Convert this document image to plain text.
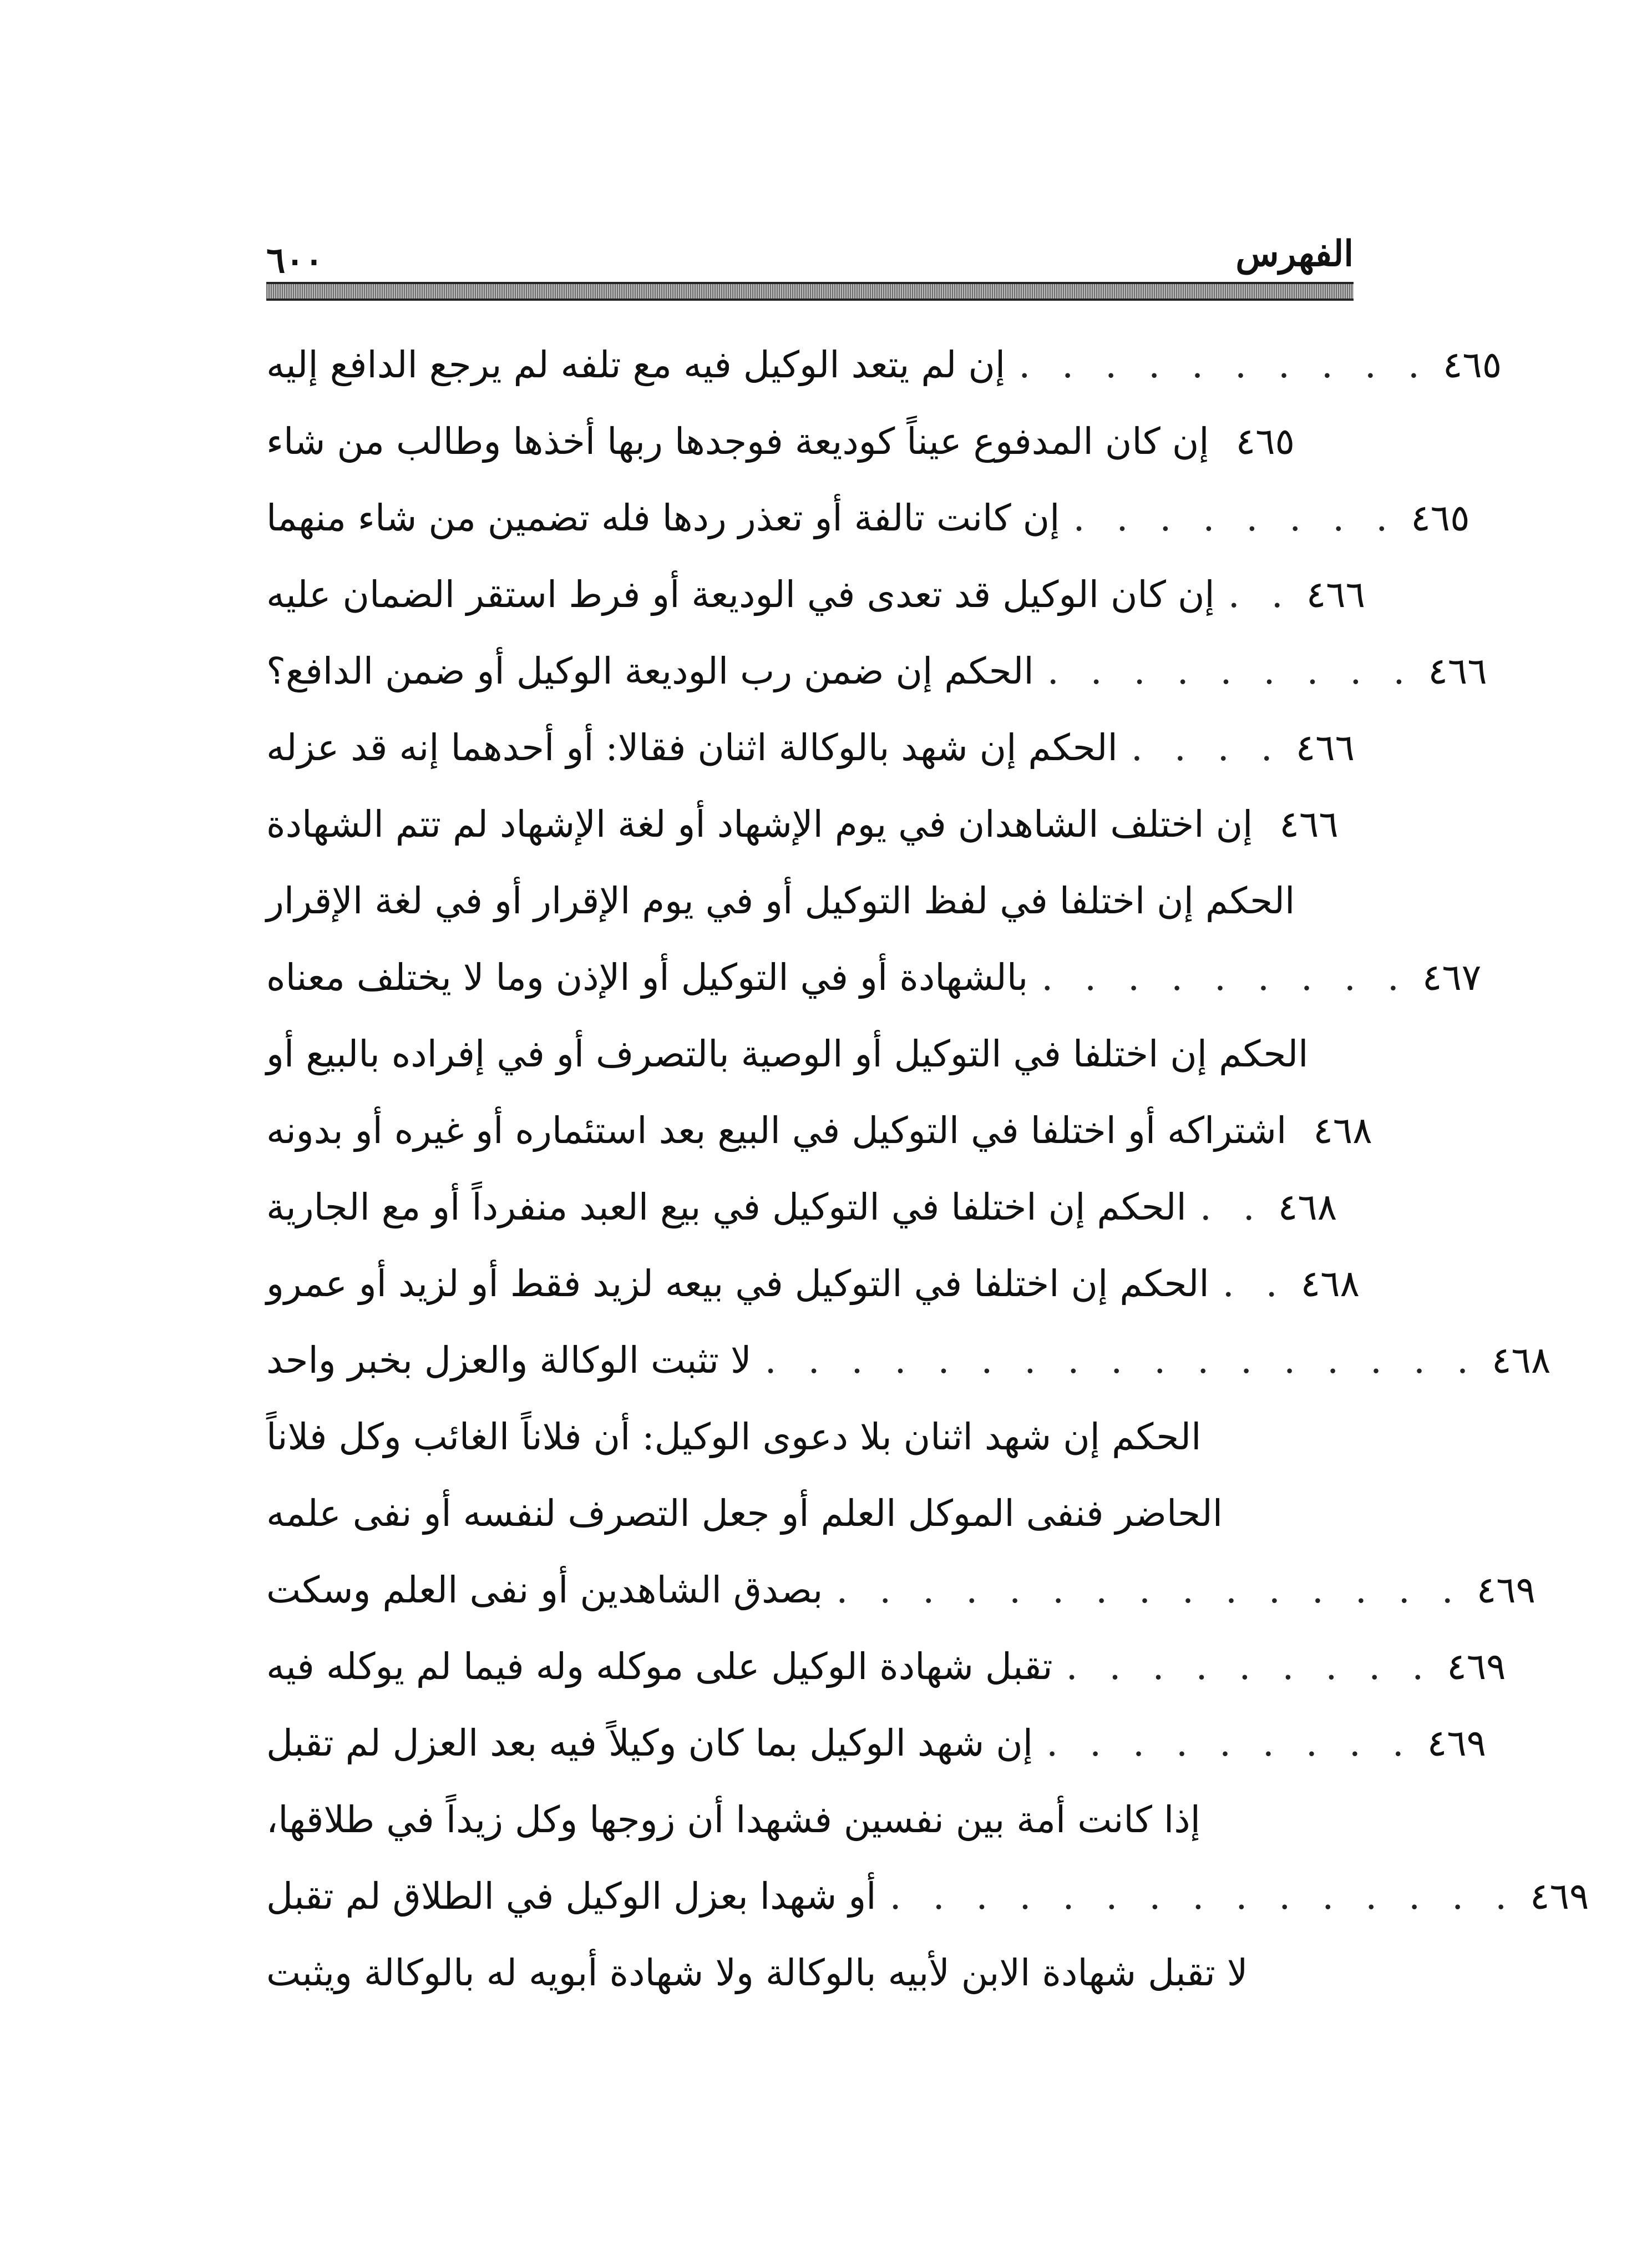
الفهرس
٦٠٠
إن لم يتعد الوكيل فيه مع تلفه لم يرجع الدافع إليه . . . . . . . . . . ٤٦٥
إن كان المدفوع عيناً كوديعة فوجدها ربها أخذها وطالب من شاء ٤٦٥
إن كانت تالفة أو تعذر ردها فله تضمين من شاء منهما . . . . . . . . ٤٦٥
إن كان الوكيل قد تعدى في الوديعة أو فرط استقر الضمان عليه . . ٤٦٦
الحكم إن ضمن رب الوديعة الوكيل أو ضمن الدافع؟ . . . . . . . . . ٤٦٦
الحكم إن شهد بالوكالة اثنان فقالا: أو أحدهما إنه قد عزله . . . . ٤٦٦
إن اختلف الشاهدان في يوم الإشهاد أو لغة الإشهاد لم تتم الشهادة ٤٦٦
الحكم إن اختلفا في لفظ التوكيل أو في يوم الإقرار أو في لغة الإقرار
بالشهادة أو في التوكيل أو الإذن وما لا يختلف معناه . . . . . . . . . ٤٦٧
الحكم إن اختلفا في التوكيل أو الوصية بالتصرف أو في إفراده بالبيع أو
اشتراكه أو اختلفا في التوكيل في البيع بعد استئماره أو غيره أو بدونه ٤٦٨
الحكم إن اختلفا في التوكيل في بيع العبد منفرداً أو مع الجارية . . ٤٦٨
الحكم إن اختلفا في التوكيل في بيعه لزيد فقط أو لزيد أو عمرو . . ٤٦٨
لا تثبت الوكالة والعزل بخبر واحد . . . . . . . . . . . . . . . . . ٤٦٨
الحكم إن شهد اثنان بلا دعوى الوكيل: أن فلاناً الغائب وكل فلاناً
الحاضر فنفى الموكل العلم أو جعل التصرف لنفسه أو نفى علمه
بصدق الشاهدين أو نفى العلم وسكت . . . . . . . . . . . . . . . ٤٦٩
تقبل شهادة الوكيل على موكله وله فيما لم يوكله فيه . . . . . . . . . ٤٦٩
إن شهد الوكيل بما كان وكيلاً فيه بعد العزل لم تقبل . . . . . . . . . ٤٦٩
إذا كانت أمة بين نفسين فشهدا أن زوجها وكل زيداً في طلاقها،
أو شهدا بعزل الوكيل في الطلاق لم تقبل . . . . . . . . . . . . . . . ٤٦٩
لا تقبل شهادة الابن لأبيه بالوكالة ولا شهادة أبويه له بالوكالة ويثبت
